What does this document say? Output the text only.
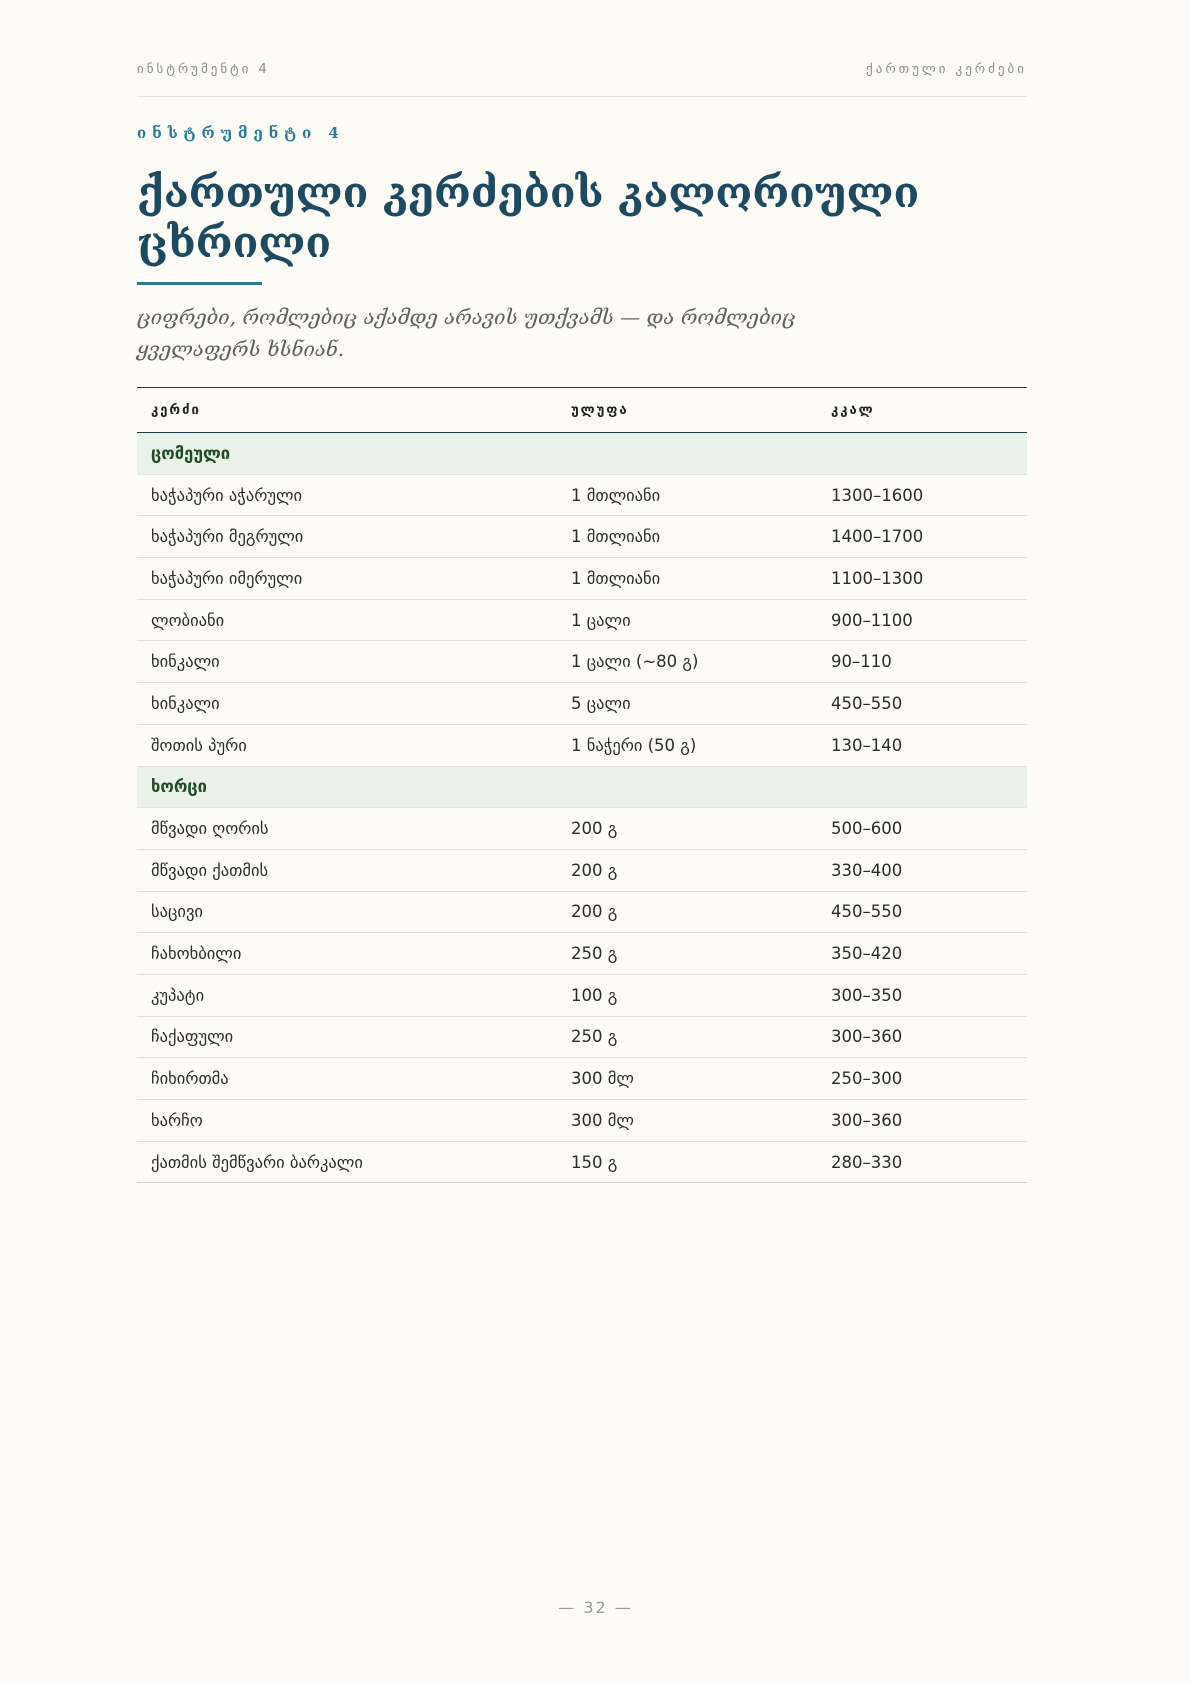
ინსტრუმენტი 4	ქართული კერძები

ინსტრუმენტი 4

ქართული კერძების კალორიული ცხრილი

ციფრები, რომლებიც აქამდე არავის უთქვამს — და რომლებიც ყველაფერს ხსნიან.

კერძი	ულუფა	კკალ
ცომეული		
ხაჭაპური აჭარული	1 მთლიანი	1300–1600
ხაჭაპური მეგრული	1 მთლიანი	1400–1700
ხაჭაპური იმერული	1 მთლიანი	1100–1300
ლობიანი	1 ცალი	900–1100
ხინკალი	1 ცალი (~80 გ)	90–110
ხინკალი	5 ცალი	450–550
შოთის პური	1 ნაჭერი (50 გ)	130–140
ხორცი		
მწვადი ღორის	200 გ	500–600
მწვადი ქათმის	200 გ	330–400
საცივი	200 გ	450–550
ჩახოხბილი	250 გ	350–420
კუპატი	100 გ	300–350
ჩაქაფული	250 გ	300–360
ჩიხირთმა	300 მლ	250–300
ხარჩო	300 მლ	300–360
ქათმის შემწვარი ბარკალი	150 გ	280–330
— 32 —
